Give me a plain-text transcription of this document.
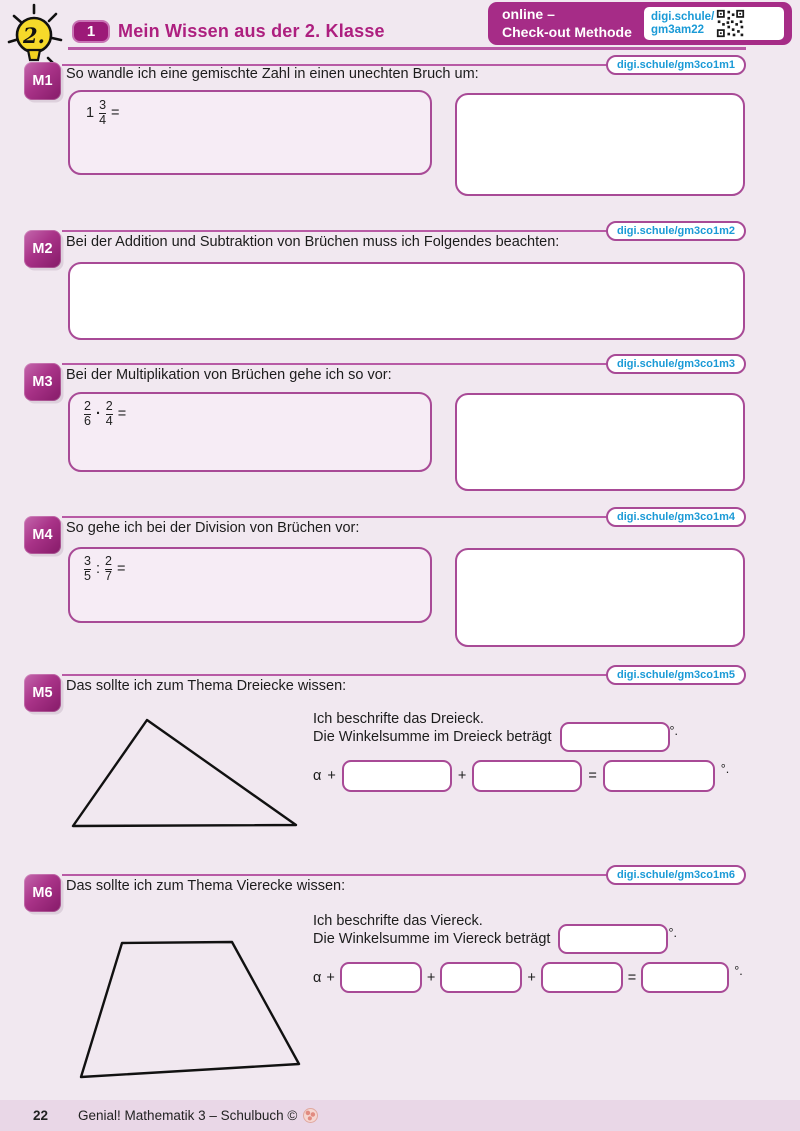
2.	1 Mein Wissen aus der 2. Klasse
online –
Check-out Methode
digi.schule/
gm3am22
digi.schule/gm3co1m1
M1 So wandle ich eine gemischte Zahl in einen unechten Bruch um:
$1 \frac{3}{4}$ =
digi.schule/gm3co1m2
M2 Bei der Addition und Subtraktion von Brüchen muss ich Folgendes beachten:
digi.schule/gm3co1m3
M3 Bei der Multiplikation von Brüchen gehe ich so vor:
$\frac{2}{6} \cdot \frac{2}{4}$ =
digi.schule/gm3co1m4
M4 So gehe ich bei der Division von Brüchen vor:
$\frac{3}{5}$ : $\frac{2}{7}$ =
digi.schule/gm3co1m5
M5 Das sollte ich zum Thema Dreiecke wissen:
Ich beschrifte das Dreieck.
Die Winkelsumme im Dreieck beträgt	°.
α +	+	=	°.
digi.schule/gm3co1m6
M6 Das sollte ich zum Thema Vierecke wissen:
Ich beschrifte das Viereck.
Die Winkelsumme im Viereck beträgt	°.
α +	+	+	=	°.
22 Genial! Mathematik 3 – Schulbuch ©
